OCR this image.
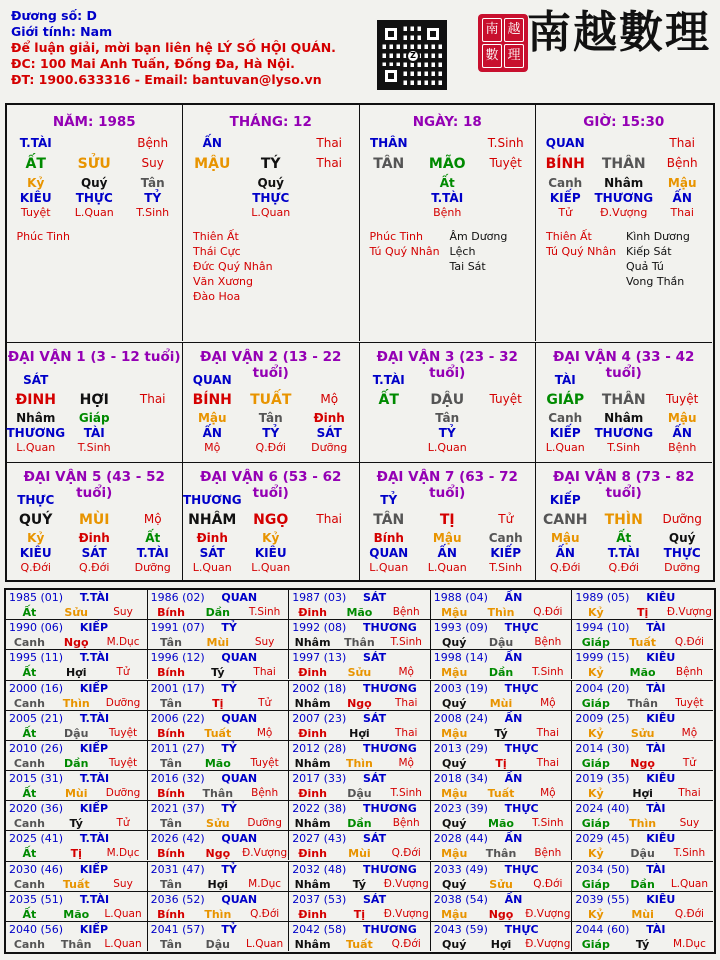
Đương số: D
Giới tính: Nam
Để luận giải, mời bạn liên hệ LÝ SỐ HỘI QUÁN.
ĐC: 100 Mai Anh Tuấn, Đống Đa, Hà Nội.
ĐT: 1900.633316 - Email: bantuvan@lyso.vn
Z
南 越
數 理 南越數理
NĂM: 1985
T.TÀI	Bệnh
ẤT	SỬU	Suy
Kỷ	Quý	Tân
KIÊU	THỰC	TỶ
Tuyệt	L.Quan	T.Sinh
Phúc Tinh
THÁNG: 12
ẤN	Thai
MẬU	TÝ	Thai
Quý
THỰC
L.Quan
Thiên Ất
Thái Cực
Đức Quý Nhân
Văn Xương
Đào Hoa
NGÀY: 18
THÂN	T.Sinh
TÂN	MÃO	Tuyệt
Ất
T.TÀI
Bệnh
Phúc Tinh
Tú Quý Nhân
Âm Dương Lệch
Tai Sát
GIỜ: 15:30
QUAN	Thai
BÍNH	THÂN	Bệnh
Canh	Nhâm	Mậu
KIẾP	THƯƠNG	ẤN
Tử	Đ.Vượng	Thai
Thiên Ất
Tú Quý Nhân
Kình Dương
Kiếp Sát
Quả Tú
Vong Thần
ĐẠI VẬN 1 (3 - 12 tuổi)
SÁT
ĐINH	HỢI	Thai
Nhâm	Giáp
THƯƠNG	TÀI
L.Quan	T.Sinh
ĐẠI VẬN 2 (13 - 22 tuổi)
QUAN
BÍNH	TUẤT	Mộ
Mậu	Tân	Đinh
ẤN	TỶ	SÁT
Mộ	Q.Đới	Dưỡng
ĐẠI VẬN 3 (23 - 32 tuổi)
T.TÀI
ẤT	DẬU	Tuyệt
Tân
TỶ
L.Quan
ĐẠI VẬN 4 (33 - 42 tuổi)
TÀI
GIÁP	THÂN	Tuyệt
Canh	Nhâm	Mậu
KIẾP	THƯƠNG	ẤN
L.Quan	T.Sinh	Bệnh
ĐẠI VẬN 5 (43 - 52 tuổi)
THỰC
QUÝ	MÙI	Mộ
Kỷ	Đinh	Ất
KIÊU	SÁT	T.TÀI
Q.Đới	Q.Đới	Dưỡng
ĐẠI VẬN 6 (53 - 62 tuổi)
THƯƠNG
NHÂM	NGỌ	Thai
Đinh	Kỷ
SÁT	KIÊU
L.Quan	L.Quan
ĐẠI VẬN 7 (63 - 72 tuổi)
TỶ
TÂN	TỊ	Tử
Bính	Mậu	Canh
QUAN	ẤN	KIẾP
L.Quan	L.Quan	T.Sinh
ĐẠI VẬN 8 (73 - 82 tuổi)
KIẾP
CANH	THÌN	Dưỡng
Mậu	Ất	Quý
ẤN	T.TÀI	THỰC
Q.Đới	Q.Đới	Dưỡng
1985 (01)	T.TÀI
Ất	Sửu	Suy
1986 (02)	QUAN
Bính	Dần	T.Sinh
1987 (03)	SÁT
Đinh	Mão	Bệnh
1988 (04)	ẤN
Mậu	Thìn	Q.Đới
1989 (05)	KIÊU
Kỷ	Tị	Đ.Vượng
1990 (06)	KIẾP
Canh	Ngọ	M.Dục
1991 (07)	TỶ
Tân	Mùi	Suy
1992 (08)	THƯƠNG
Nhâm	Thân	T.Sinh
1993 (09)	THỰC
Quý	Dậu	Bệnh
1994 (10)	TÀI
Giáp	Tuất	Q.Đới
1995 (11)	T.TÀI
Ất	Hợi	Tử
1996 (12)	QUAN
Bính	Tý	Thai
1997 (13)	SÁT
Đinh	Sửu	Mộ
1998 (14)	ẤN
Mậu	Dần	T.Sinh
1999 (15)	KIÊU
Kỷ	Mão	Bệnh
2000 (16)	KIẾP
Canh	Thìn	Dưỡng
2001 (17)	TỶ
Tân	Tị	Tử
2002 (18)	THƯƠNG
Nhâm	Ngọ	Thai
2003 (19)	THỰC
Quý	Mùi	Mộ
2004 (20)	TÀI
Giáp	Thân	Tuyệt
2005 (21)	T.TÀI
Ất	Dậu	Tuyệt
2006 (22)	QUAN
Bính	Tuất	Mộ
2007 (23)	SÁT
Đinh	Hợi	Thai
2008 (24)	ẤN
Mậu	Tý	Thai
2009 (25)	KIÊU
Kỷ	Sửu	Mộ
2010 (26)	KIẾP
Canh	Dần	Tuyệt
2011 (27)	TỶ
Tân	Mão	Tuyệt
2012 (28)	THƯƠNG
Nhâm	Thìn	Mộ
2013 (29)	THỰC
Quý	Tị	Thai
2014 (30)	TÀI
Giáp	Ngọ	Tử
2015 (31)	T.TÀI
Ất	Mùi	Dưỡng
2016 (32)	QUAN
Bính	Thân	Bệnh
2017 (33)	SÁT
Đinh	Dậu	T.Sinh
2018 (34)	ẤN
Mậu	Tuất	Mộ
2019 (35)	KIÊU
Kỷ	Hợi	Thai
2020 (36)	KIẾP
Canh	Tý	Tử
2021 (37)	TỶ
Tân	Sửu	Dưỡng
2022 (38)	THƯƠNG
Nhâm	Dần	Bệnh
2023 (39)	THỰC
Quý	Mão	T.Sinh
2024 (40)	TÀI
Giáp	Thìn	Suy
2025 (41)	T.TÀI
Ất	Tị	M.Dục
2026 (42)	QUAN
Bính	Ngọ	Đ.Vượng
2027 (43)	SÁT
Đinh	Mùi	Q.Đới
2028 (44)	ẤN
Mậu	Thân	Bệnh
2029 (45)	KIÊU
Kỷ	Dậu	T.Sinh
2030 (46)	KIẾP
Canh	Tuất	Suy
2031 (47)	TỶ
Tân	Hợi	M.Dục
2032 (48)	THƯƠNG
Nhâm	Tý	Đ.Vượng
2033 (49)	THỰC
Quý	Sửu	Q.Đới
2034 (50)	TÀI
Giáp	Dần	L.Quan
2035 (51)	T.TÀI
Ất	Mão	L.Quan
2036 (52)	QUAN
Bính	Thìn	Q.Đới
2037 (53)	SÁT
Đinh	Tị	Đ.Vượng
2038 (54)	ẤN
Mậu	Ngọ	Đ.Vượng
2039 (55)	KIÊU
Kỷ	Mùi	Q.Đới
2040 (56)	KIẾP
Canh	Thân	L.Quan
2041 (57)	TỶ
Tân	Dậu	L.Quan
2042 (58)	THƯƠNG
Nhâm	Tuất	Q.Đới
2043 (59)	THỰC
Quý	Hợi	Đ.Vượng
2044 (60)	TÀI
Giáp	Tý	M.Dục
